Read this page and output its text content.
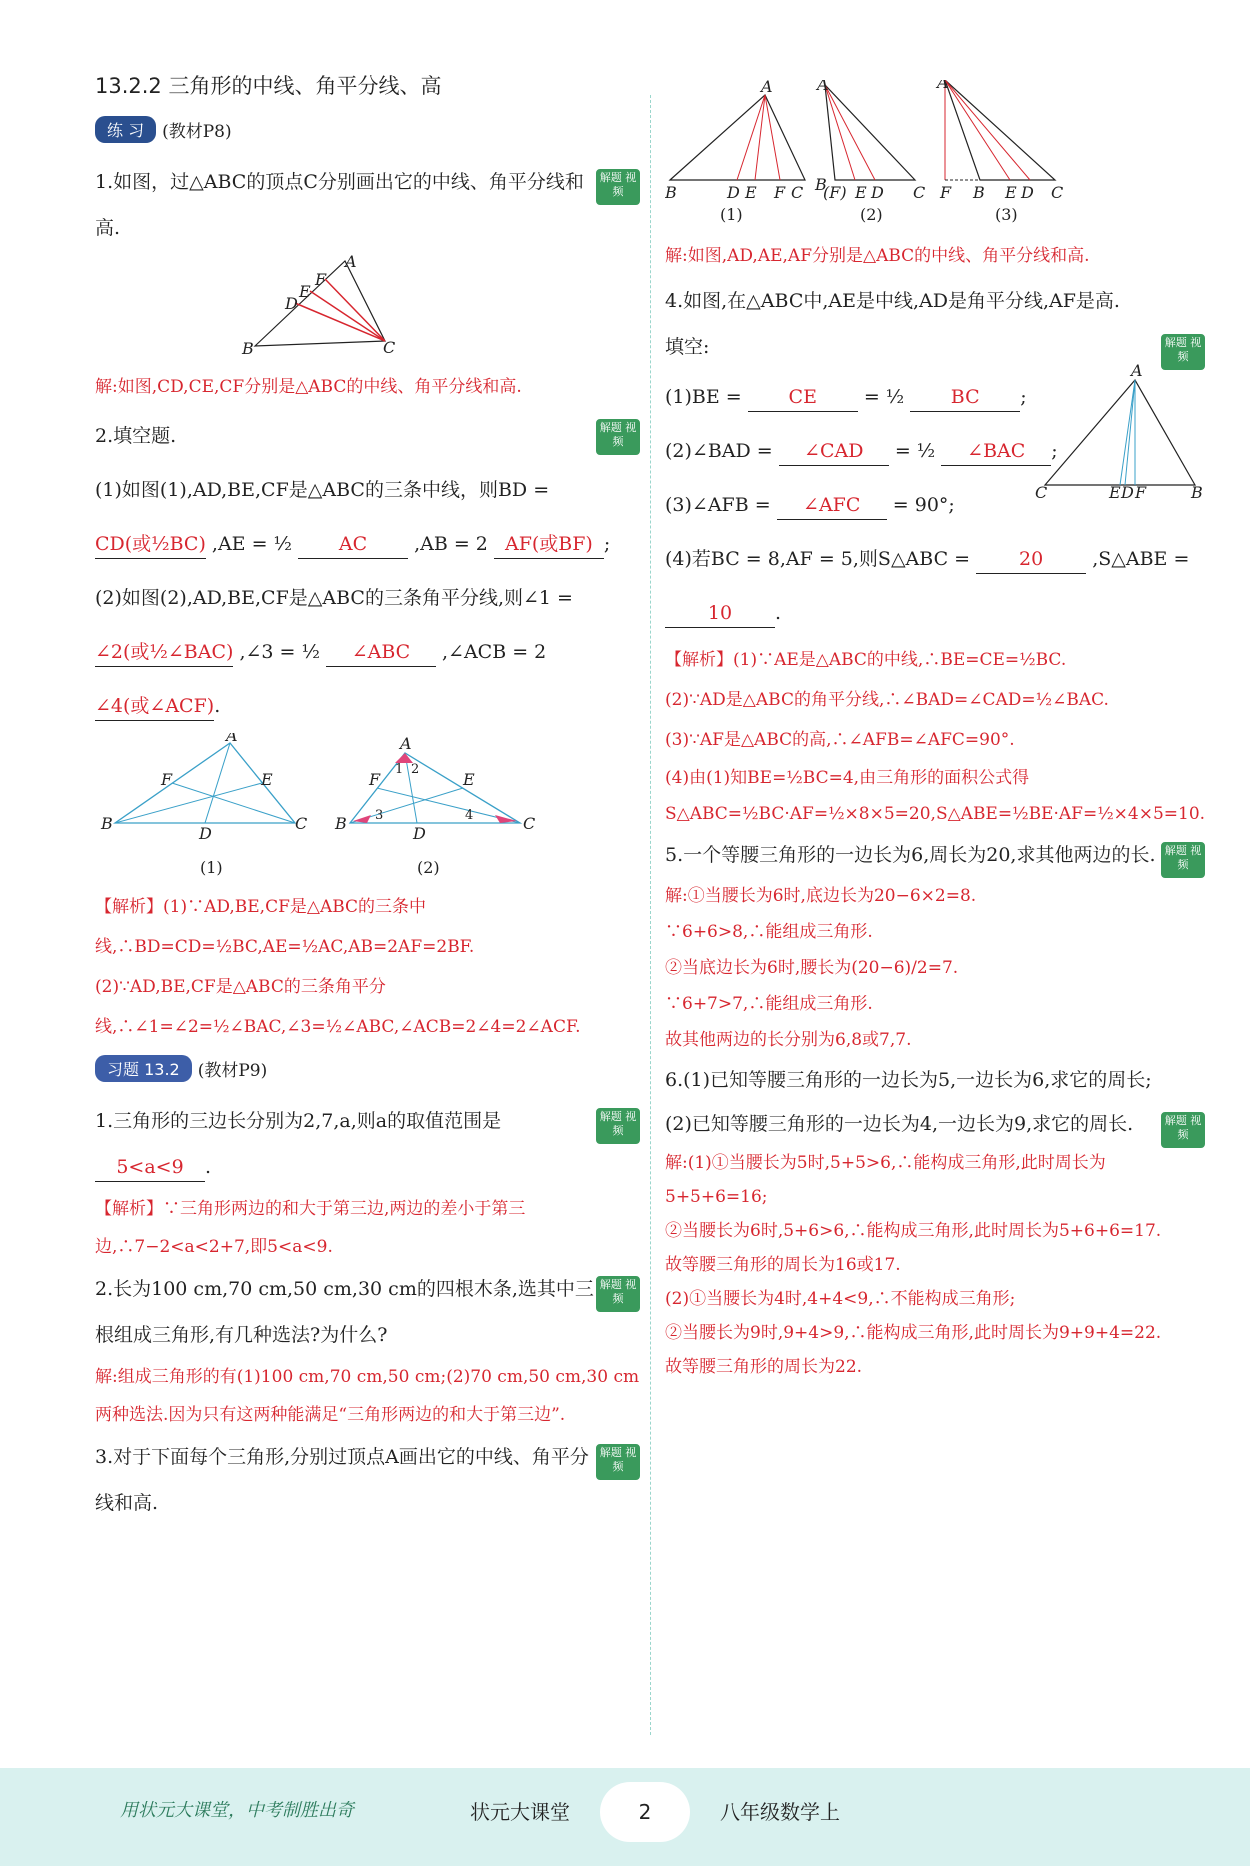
13.2.2 三角形的中线、角平分线、高
练 习	(教材P8)
解题 视频
1.如图，过△ABC的顶点C分别画出它的中线、角平分线和高.
A
B	C
D
E
F
解:如图,CD,CE,CF分别是△ABC的中线、角平分线和高.
解题 视频
2.填空题.
(1)如图(1),AD,BE,CF是△ABC的三条中线，则BD =
CD(或½BC) ,AE = ½ AC ,AB = 2 AF(或BF) ;
(2)如图(2),AD,BE,CF是△ABC的三条角平分线,则∠1 =
∠2(或½∠BAC) ,∠3 = ½ ∠ABC ,∠ACB = 2 ∠4(或∠ACF).
A
B	C
D
E
F
(1)
A
B	C
D
E
F
1 2
3	4
(2)
【解析】(1)∵AD,BE,CF是△ABC的三条中线,∴BD=CD=½BC,AE=½AC,AB=2AF=2BF.
(2)∵AD,BE,CF是△ABC的三条角平分线,∴∠1=∠2=½∠BAC,∠3=½∠ABC,∠ACB=2∠4=2∠ACF.
习题 13.2	(教材P9)
解题 视频
1.三角形的三边长分别为2,7,a,则a的取值范围是
5<a<9 .
【解析】∵三角形两边的和大于第三边,两边的差小于第三边,∴7−2<a<2+7,即5<a<9.
解题 视频
2.长为100 cm,70 cm,50 cm,30 cm的四根木条,选其中三根组成三角形,有几种选法?为什么?
解:组成三角形的有(1)100 cm,70 cm,50 cm;(2)70 cm,50 cm,30 cm两种选法.因为只有这两种能满足“三角形两边的和大于第三边”.
解题 视频
3.对于下面每个三角形,分别过顶点A画出它的中线、角平分线和高.
A
B	D E F C
(1)
A
B
(F) E D C
(2)
A
F B E D C
(3)
解:如图,AD,AE,AF分别是△ABC的中线、角平分线和高.
4.如图,在△ABC中,AE是中线,AD是角平分线,AF是高.

解题 视频
填空:
A
C	E D F	B
(1)BE = CE = ½ BC ;
(2)∠BAD = ∠CAD = ½ ∠BAC ;
(3)∠AFB = ∠AFC = 90°;
(4)若BC = 8,AF = 5,则S△ABC =	20	,S△ABE = 10 .
【解析】(1)∵AE是△ABC的中线,∴BE=CE=½BC.
(2)∵AD是△ABC的角平分线,∴∠BAD=∠CAD=½∠BAC.
(3)∵AF是△ABC的高,∴∠AFB=∠AFC=90°.
(4)由(1)知BE=½BC=4,由三角形的面积公式得S△ABC=½BC·AF=½×8×5=20,S△ABE=½BE·AF=½×4×5=10.
解题 视频
5.一个等腰三角形的一边长为6,周长为20,求其他两边的长.
解:①当腰长为6时,底边长为20−6×2=8.
∵6+6>8,∴能组成三角形.
②当底边长为6时,腰长为(20−6)/2=7.
∵6+7>7,∴能组成三角形.
故其他两边的长分别为6,8或7,7.
6.(1)已知等腰三角形的一边长为5,一边长为6,求它的周长;
解题 视频
(2)已知等腰三角形的一边长为4,一边长为9,求它的周长.
解:(1)①当腰长为5时,5+5>6,∴能构成三角形,此时周长为5+5+6=16;
②当腰长为6时,5+6>6,∴能构成三角形,此时周长为5+6+6=17.
故等腰三角形的周长为16或17.
(2)①当腰长为4时,4+4<9,∴不能构成三角形;
②当腰长为9时,9+4>9,∴能构成三角形,此时周长为9+9+4=22.
故等腰三角形的周长为22.
用状元大课堂，中考制胜出奇	状元大课堂	2	八年级数学上
